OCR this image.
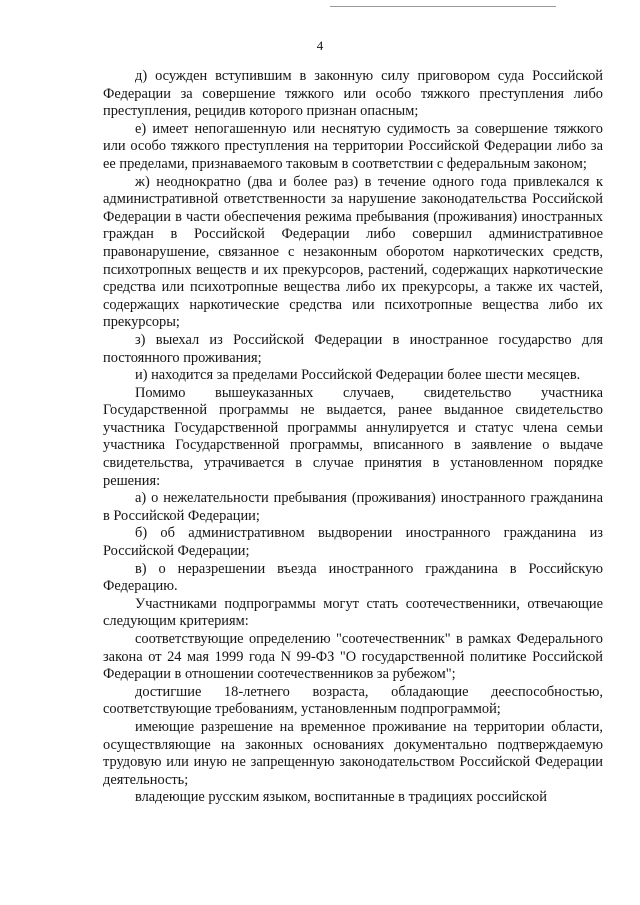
4

д) осужден вступившим в законную силу приговором суда Российской Федерации за совершение тяжкого или особо тяжкого преступления либо преступления, рецидив которого признан опасным;

е) имеет непогашенную или неснятую судимость за совершение тяжкого или особо тяжкого преступления на территории Российской Федерации либо за ее пределами, признаваемого таковым в соответствии с федеральным законом;

ж) неоднократно (два и более раз) в течение одного года привлекался к административной ответственности за нарушение законодательства Российской Федерации в части обеспечения режима пребывания (проживания) иностранных граждан в Российской Федерации либо совершил административное правонарушение, связанное с незаконным оборотом наркотических средств, психотропных веществ и их прекурсоров, растений, содержащих наркотические средства или психотропные вещества либо их прекурсоры, а также их частей, содержащих наркотические средства или психотропные вещества либо их прекурсоры;

з) выехал из Российской Федерации в иностранное государство для постоянного проживания;

и) находится за пределами Российской Федерации более шести месяцев.

Помимо вышеуказанных случаев, свидетельство участника Государственной программы не выдается, ранее выданное свидетельство участника Государственной программы аннулируется и статус члена семьи участника Государственной программы, вписанного в заявление о выдаче свидетельства, утрачивается в случае принятия в установленном порядке решения:

а) о нежелательности пребывания (проживания) иностранного гражданина в Российской Федерации;

б) об административном выдворении иностранного гражданина из Российской Федерации;

в) о неразрешении въезда иностранного гражданина в Российскую Федерацию.

Участниками подпрограммы могут стать соотечественники, отвечающие следующим критериям:

соответствующие определению "соотечественник" в рамках Федерального закона от 24 мая 1999 года N 99-ФЗ "О государственной политике Российской Федерации в отношении соотечественников за рубежом";

достигшие 18-летнего возраста, обладающие дееспособностью, соответствующие требованиям, установленным подпрограммой;

имеющие разрешение на временное проживание на территории области, осуществляющие на законных основаниях документально подтверждаемую трудовую или иную не запрещенную законодательством Российской Федерации деятельность;

владеющие русским языком, воспитанные в традициях российской
